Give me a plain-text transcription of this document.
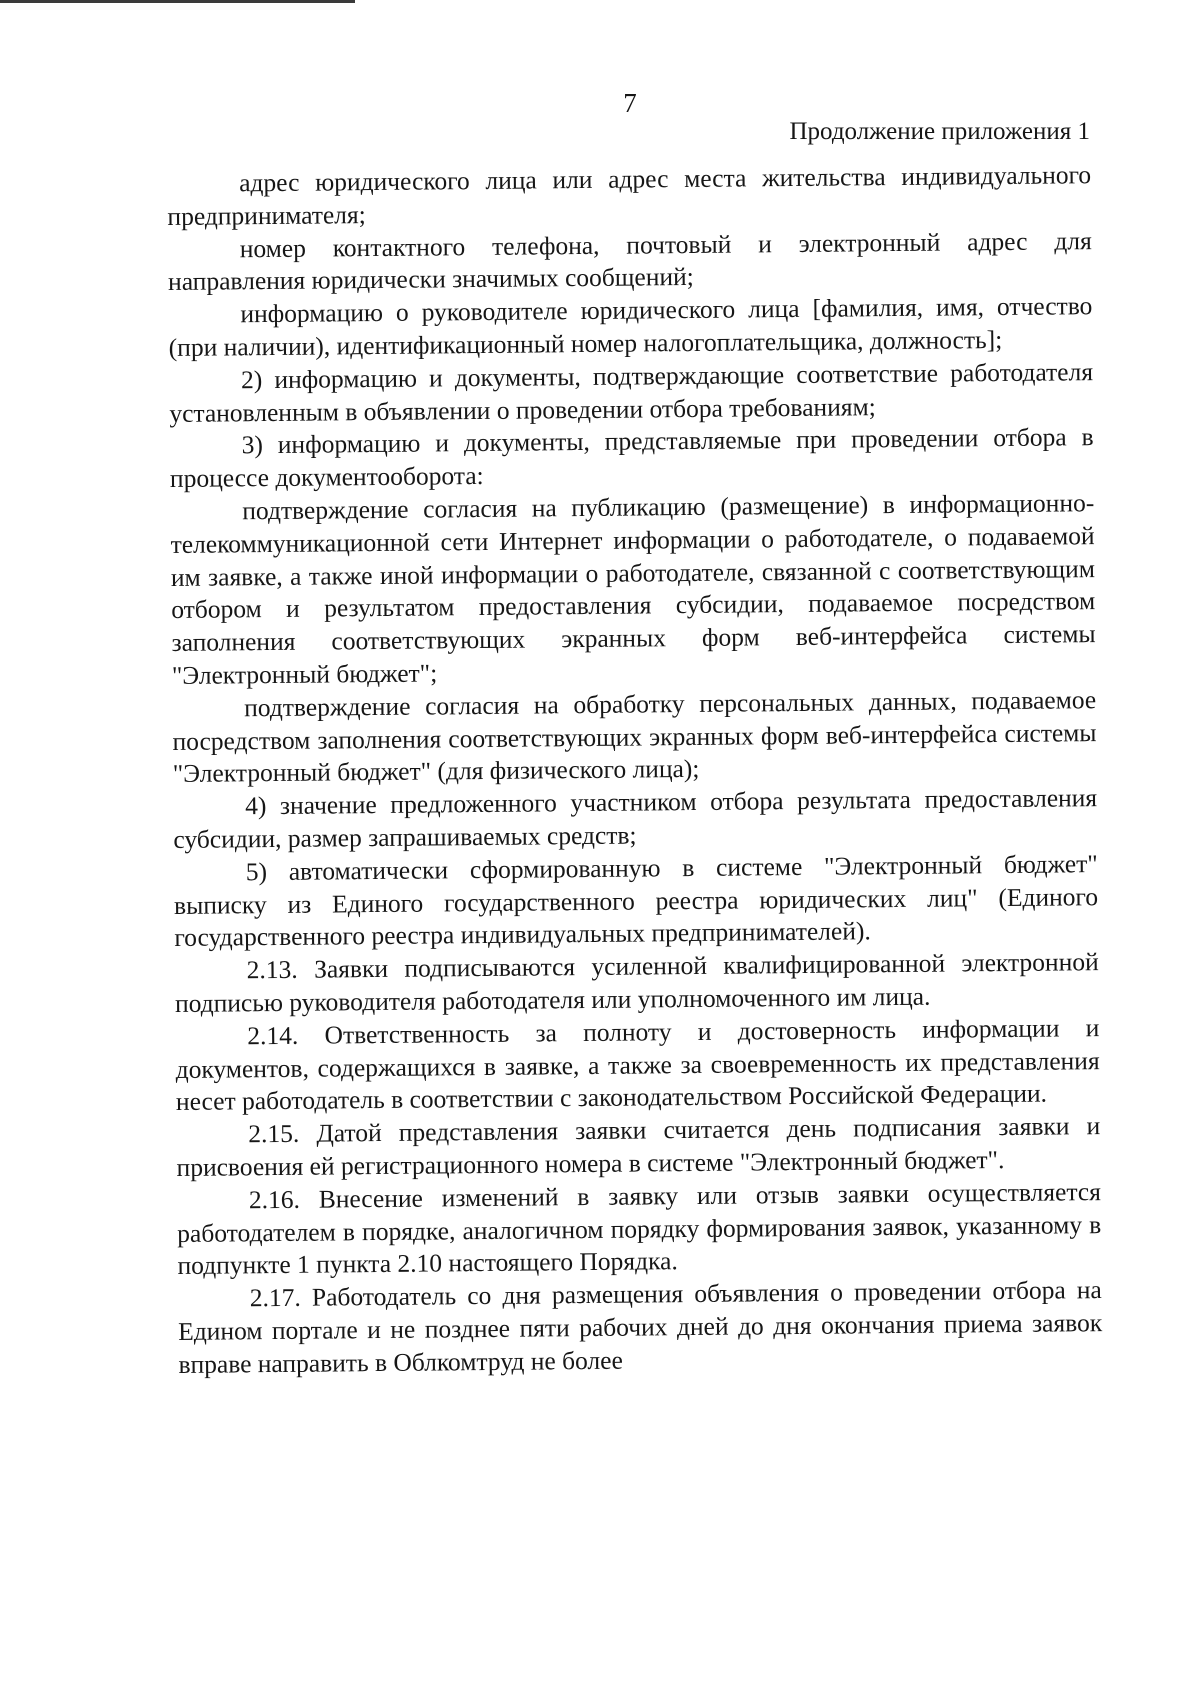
7
Продолжение приложения 1

адрес юридического лица или адрес места жительства индивидуального предпринимателя;

номер контактного телефона, почтовый и электронный адрес для направления юридически значимых сообщений;

информацию о руководителе юридического лица [фамилия, имя, отчество (при наличии), идентификационный номер налогоплательщика, должность];

2) информацию и документы, подтверждающие соответствие работодателя установленным в объявлении о проведении отбора требованиям;

3) информацию и документы, представляемые при проведении отбора в процессе документооборота:

подтверждение согласия на публикацию (размещение) в информационно-телекоммуникационной сети Интернет информации о работодателе, о подаваемой им заявке, а также иной информации о работодателе, связанной с соответствующим отбором и результатом предоставления субсидии, подаваемое посредством заполнения соответствующих экранных форм веб-интерфейса системы "Электронный бюджет";

подтверждение согласия на обработку персональных данных, подаваемое посредством заполнения соответствующих экранных форм веб-интерфейса системы "Электронный бюджет" (для физического лица);

4) значение предложенного участником отбора результата предоставления субсидии, размер запрашиваемых средств;

5) автоматически сформированную в системе "Электронный бюджет" выписку из Единого государственного реестра юридических лиц" (Единого государственного реестра индивидуальных предпринимателей).

2.13. Заявки подписываются усиленной квалифицированной электронной подписью руководителя работодателя или уполномоченного им лица.

2.14. Ответственность за полноту и достоверность информации и документов, содержащихся в заявке, а также за своевременность их представления несет работодатель в соответствии с законодательством Российской Федерации.

2.15. Датой представления заявки считается день подписания заявки и присвоения ей регистрационного номера в системе "Электронный бюджет".

2.16. Внесение изменений в заявку или отзыв заявки осуществляется работодателем в порядке, аналогичном порядку формирования заявок, указанному в подпункте 1 пункта 2.10 настоящего Порядка.

2.17. Работодатель со дня размещения объявления о проведении отбора на Едином портале и не позднее пяти рабочих дней до дня окончания приема заявок вправе направить в Облкомтруд не более
